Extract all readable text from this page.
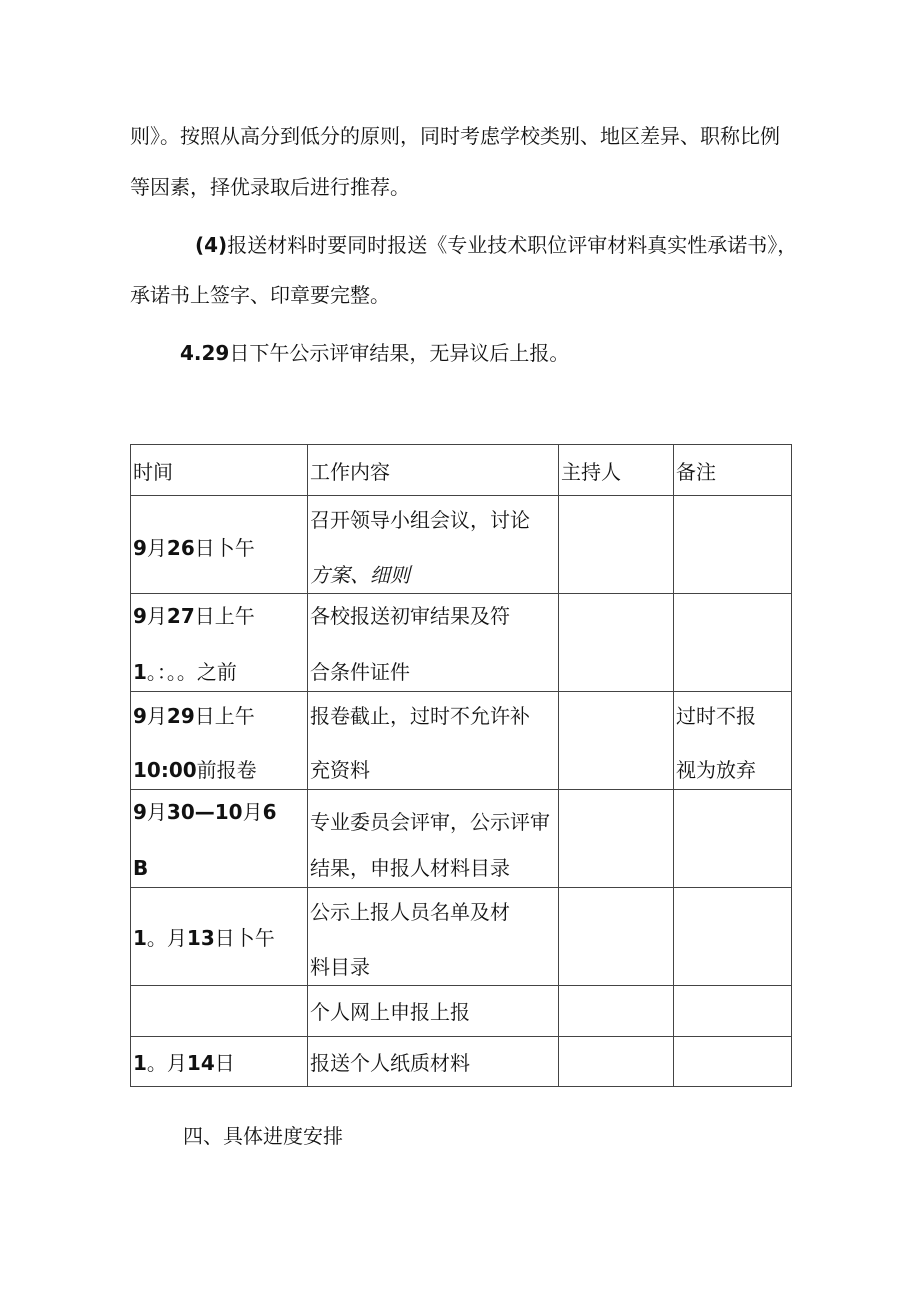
则》。按照从高分到低分的原则，同时考虑学校类别、地区差异、职称比例
等因素，择优录取后进行推荐。
(4)报送材料时要同时报送《专业技术职位评审材料真实性承诺书》，
承诺书上签字、印章要完整。
4.29日下午公示评审结果，无异议后上报。
时间	工作内容	主持人	备注

9月26日卜午	召开领导小组会议，讨论
方案、细则		

9月27日上午
1。：。。之前	各校报送初审结果及符
合条件证件		

9月29日上午
10:00前报卷	报卷截止，过时不允许补
充资料		过时不报
视为放弃

9月30—10月6
B	专业委员会评审，公示评审
结果，申报人材料目录		

1。月13日卜午	公示上报人员名单及材
料目录		

	个人网上申报上报		

1。月14日	报送个人纸质材料		

四、具体进度安排
